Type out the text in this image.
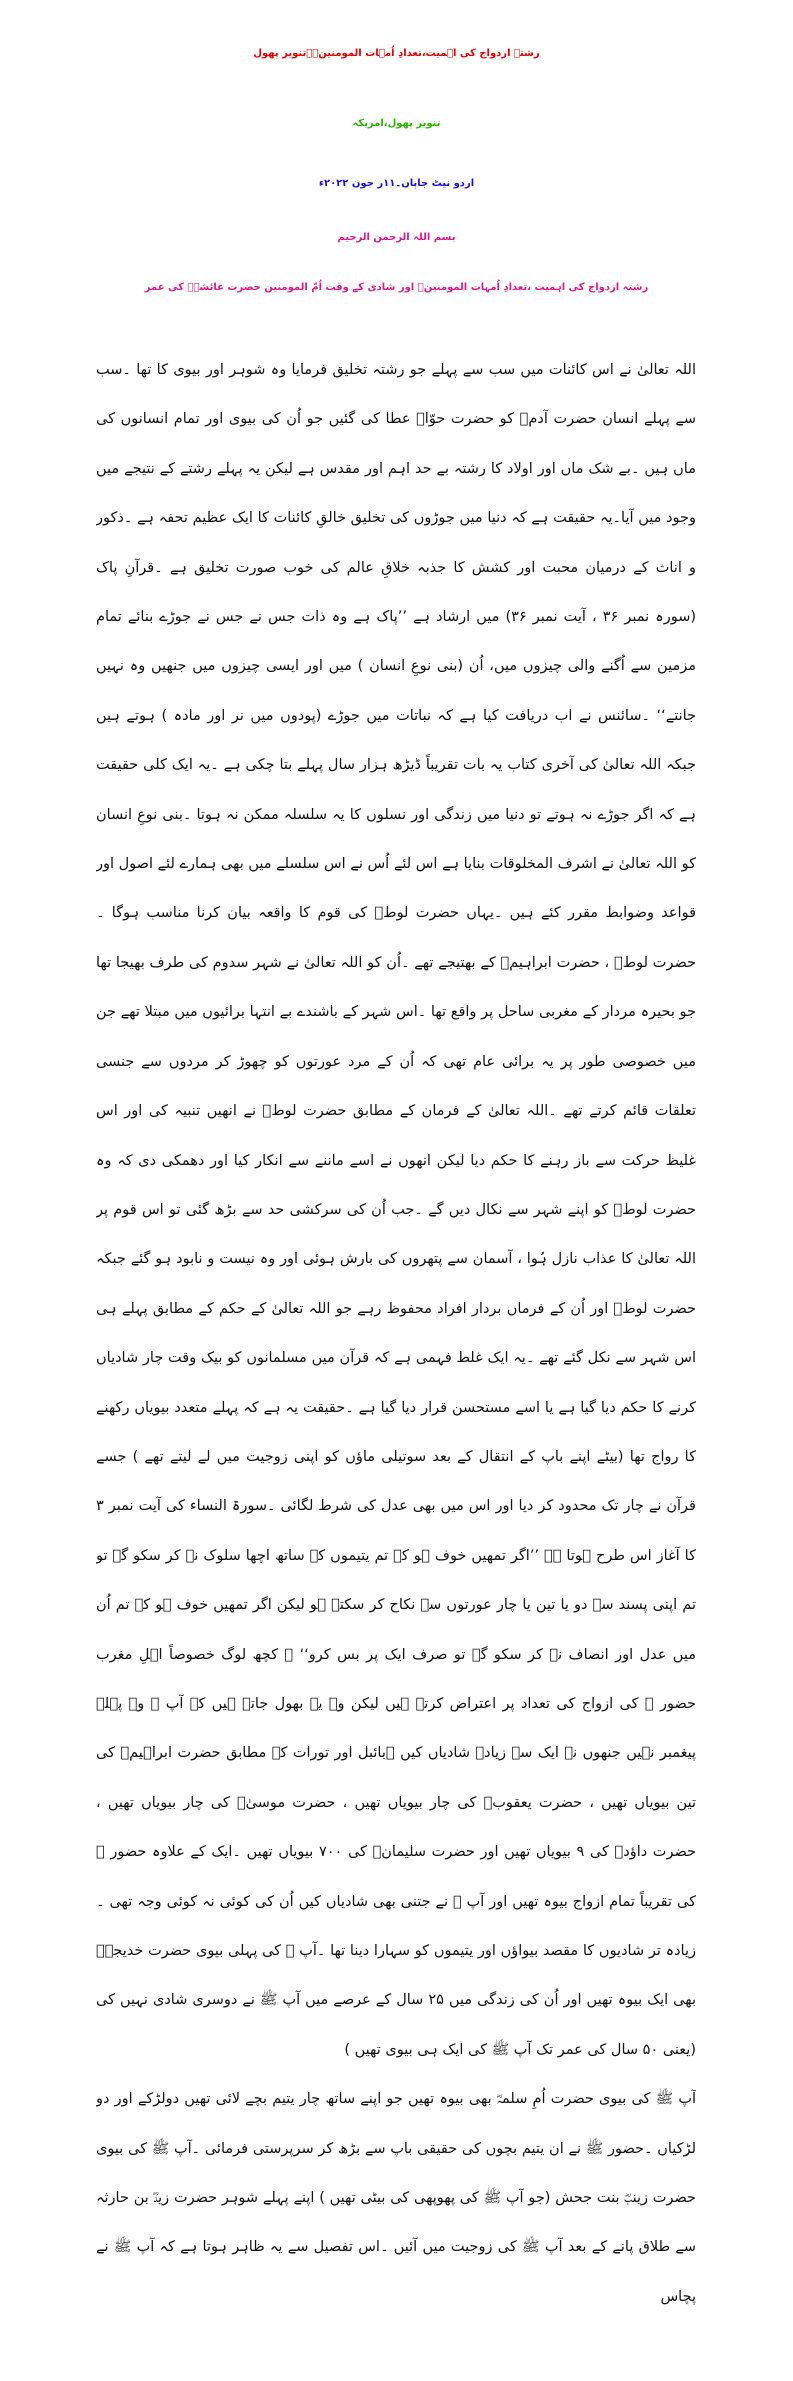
رشتہ ازدواج کی اہمیت،تعدادِ اُمہات المومنینؓ۔تنویر پھول
تنویر پھول،امریکہ
اردو نیٹ جاپان۔۱۱ر جون ۲۰۲۲ء
بسم اللہ الرحمن الرحیم
رشتہ ازدواج کی اہمیت ،تعدادِ اُمہات المومنینؓ اور شادی کے وقت اُمّ المومنین حضرت عائشہؓ کی عمر

اللہ تعالیٰ نے اس کائنات میں سب سے پہلے جو رشتہ تخلیق فرمایا وہ شوہر اور بیوی کا تھا ۔سب سے پہلے انسان حضرت آدمؑ کو حضرت حوّاؑ عطا کی گئیں جو اُن کی بیوی اور تمام انسانوں کی ماں ہیں ۔بے شک ماں اور اولاد کا رشتہ بے حد اہم اور مقدس ہے لیکن یہ پہلے رشتے کے نتیجے میں وجود میں آیا۔یہ حقیقت ہے کہ دنیا میں جوڑوں کی تخلیق خالقِ کائنات کا ایک عظیم تحفہ ہے ۔ذکور و اناث کے درمیان محبت اور کشش کا جذبہ خلاقِ عالم کی خوب صورت تخلیق ہے ۔قرآنِ پاک (سورہ نمبر ۳۶ ، آیت نمبر ۳۶) میں ارشاد ہے ’’پاک ہے وہ ذات جس نے جس نے جوڑے بنائے تمام مزمین سے اُگنے والی چیزوں میں، اُن (بنی نوعِ انسان ) میں اور ایسی چیزوں میں جنھیں وہ نہیں جانتے‘‘ ۔سائنس نے اب دریافت کیا ہے کہ نباتات میں جوڑے (پودوں میں نر اور مادہ ) ہوتے ہیں جبکہ اللہ تعالیٰ کی آخری کتاب یہ بات تقریباً ڈیڑھ ہزار سال پہلے بتا چکی ہے ۔یہ ایک کلی حقیقت ہے کہ اگر جوڑے نہ ہوتے تو دنیا میں زندگی اور نسلوں کا یہ سلسلہ ممکن نہ ہوتا ۔بنی نوعِ انسان کو اللہ تعالیٰ نے اشرف المخلوقات بنایا ہے اس لئے اُس نے اس سلسلے میں بھی ہمارے لئے اصول اور قواعد وضوابط مقرر کئے ہیں ۔یہاں حضرت لوطؑ کی قوم کا واقعہ بیان کرنا مناسب ہوگا ۔حضرت لوطؑ ، حضرت ابراہیمؑ کے بھتیجے تھے ۔اُن کو اللہ تعالیٰ نے شہر سدوم کی طرف بھیجا تھا جو بحیرہ مردار کے مغربی ساحل پر واقع تھا ۔اس شہر کے باشندے بے انتہا برائیوں میں مبتلا تھے جن میں خصوصی طور پر یہ برائی عام تھی کہ اُن کے مرد عورتوں کو چھوڑ کر مردوں سے جنسی تعلقات قائم کرتے تھے ۔اللہ تعالیٰ کے فرمان کے مطابق حضرت لوطؑ نے انھیں تنبیہ کی اور اس غلیظ حرکت سے باز رہنے کا حکم دیا لیکن انھوں نے اسے ماننے سے انکار کیا اور دھمکی دی کہ وہ حضرت لوطؑ کو اپنے شہر سے نکال دیں گے ۔جب اُن کی سرکشی حد سے بڑھ گئی تو اس قوم پر اللہ تعالیٰ کا عذاب نازل ہُوا ، آسمان سے پتھروں کی بارش ہوئی اور وہ نیست و نابود ہو گئے جبکہ حضرت لوطؑ اور اُن کے فرماں بردار افراد محفوظ رہے جو اللہ تعالیٰ کے حکم کے مطابق پہلے ہی اس شہر سے نکل گئے تھے ۔یہ ایک غلط فہمی ہے کہ قرآن میں مسلمانوں کو بیک وقت چار شادیاں کرنے کا حکم دیا گیا ہے یا اسے مستحسن قرار دیا گیا ہے ۔حقیقت یہ ہے کہ پہلے متعدد بیویاں رکھنے کا رواج تھا (بیٹے اپنے باپ کے انتقال کے بعد سوتیلی ماؤں کو اپنی زوجیت میں لے لیتے تھے ) جسے قرآن نے چار تک محدود کر دیا اور اس میں بھی عدل کی شرط لگائی ۔سورۃ النساء کی آیت نمبر ۳ کا آغاز اس طرح ہوتا ہے ’’اگر تمھیں خوف ہو کہ تم یتیموں کے ساتھ اچھا سلوک نہ کر سکو گے تو تم اپنی پسند سے دو یا تین یا چار عورتوں سے نکاح کر سکتے ہو لیکن اگر تمھیں خوف ہو کہ تم اُن میں عدل اور انصاف نہ کر سکو گے تو صرف ایک پر بس کرو‘‘ ۔ کچھ لوگ خصوصاً اہلِ مغرب حضور ﷺ کی ازواج کی تعداد پر اعتراض کرتے ہیں لیکن وہ یہ بھول جاتے ہیں کہ آپ ﷺ وہ پہلے پیغمبر نہیں جنھوں نے ایک سے زیادہ شادیاں کیں ۔بائبل اور تورات کے مطابق حضرت ابراہیمؑ کی تین بیویاں تھیں ، حضرت یعقوبؑ کی چار بیویاں تھیں ، حضرت موسیٰؑ کی چار بیویاں تھیں ، حضرت داؤدؑ کی ۹ بیویاں تھیں اور حضرت سلیمانؑ کی ۷۰۰ بیویاں تھیں ۔ایک کے علاوہ حضور ﷺ کی تقریباً تمام ازواج بیوہ تھیں اور آپ ﷺ نے جتنی بھی شادیاں کیں اُن کی کوئی نہ کوئی وجہ تھی ۔زیادہ تر شادیوں کا مقصد بیواؤں اور یتیموں کو سہارا دینا تھا ۔آپ ﷺ کی پہلی بیوی حضرت خدیجہؓ بھی ایک بیوہ تھیں اور اُن کی زندگی میں ۲۵ سال کے عرصے میں آپ ﷺ نے دوسری شادی نہیں کی (یعنی ۵۰ سال کی عمر تک آپ ﷺ کی ایک ہی بیوی تھیں )

آپ ﷺ کی بیوی حضرت اُمِ سلمہؓ بھی بیوہ تھیں جو اپنے ساتھ چار یتیم بچے لائی تھیں دولڑکے اور دو لڑکیاں ۔حضور ﷺ نے ان یتیم بچوں کی حقیقی باپ سے بڑھ کر سرپرستی فرمائی ۔آپ ﷺ کی بیوی حضرت زینبؓ بنت جحش (جو آپ ﷺ کی پھوپھی کی بیٹی تھیں ) اپنے پہلے شوہر حضرت زیدؓ بن حارثہ سے طلاق پانے کے بعد آپ ﷺ کی زوجیت میں آئیں ۔اس تفصیل سے یہ ظاہر ہوتا ہے کہ آپ ﷺ نے پچاس
